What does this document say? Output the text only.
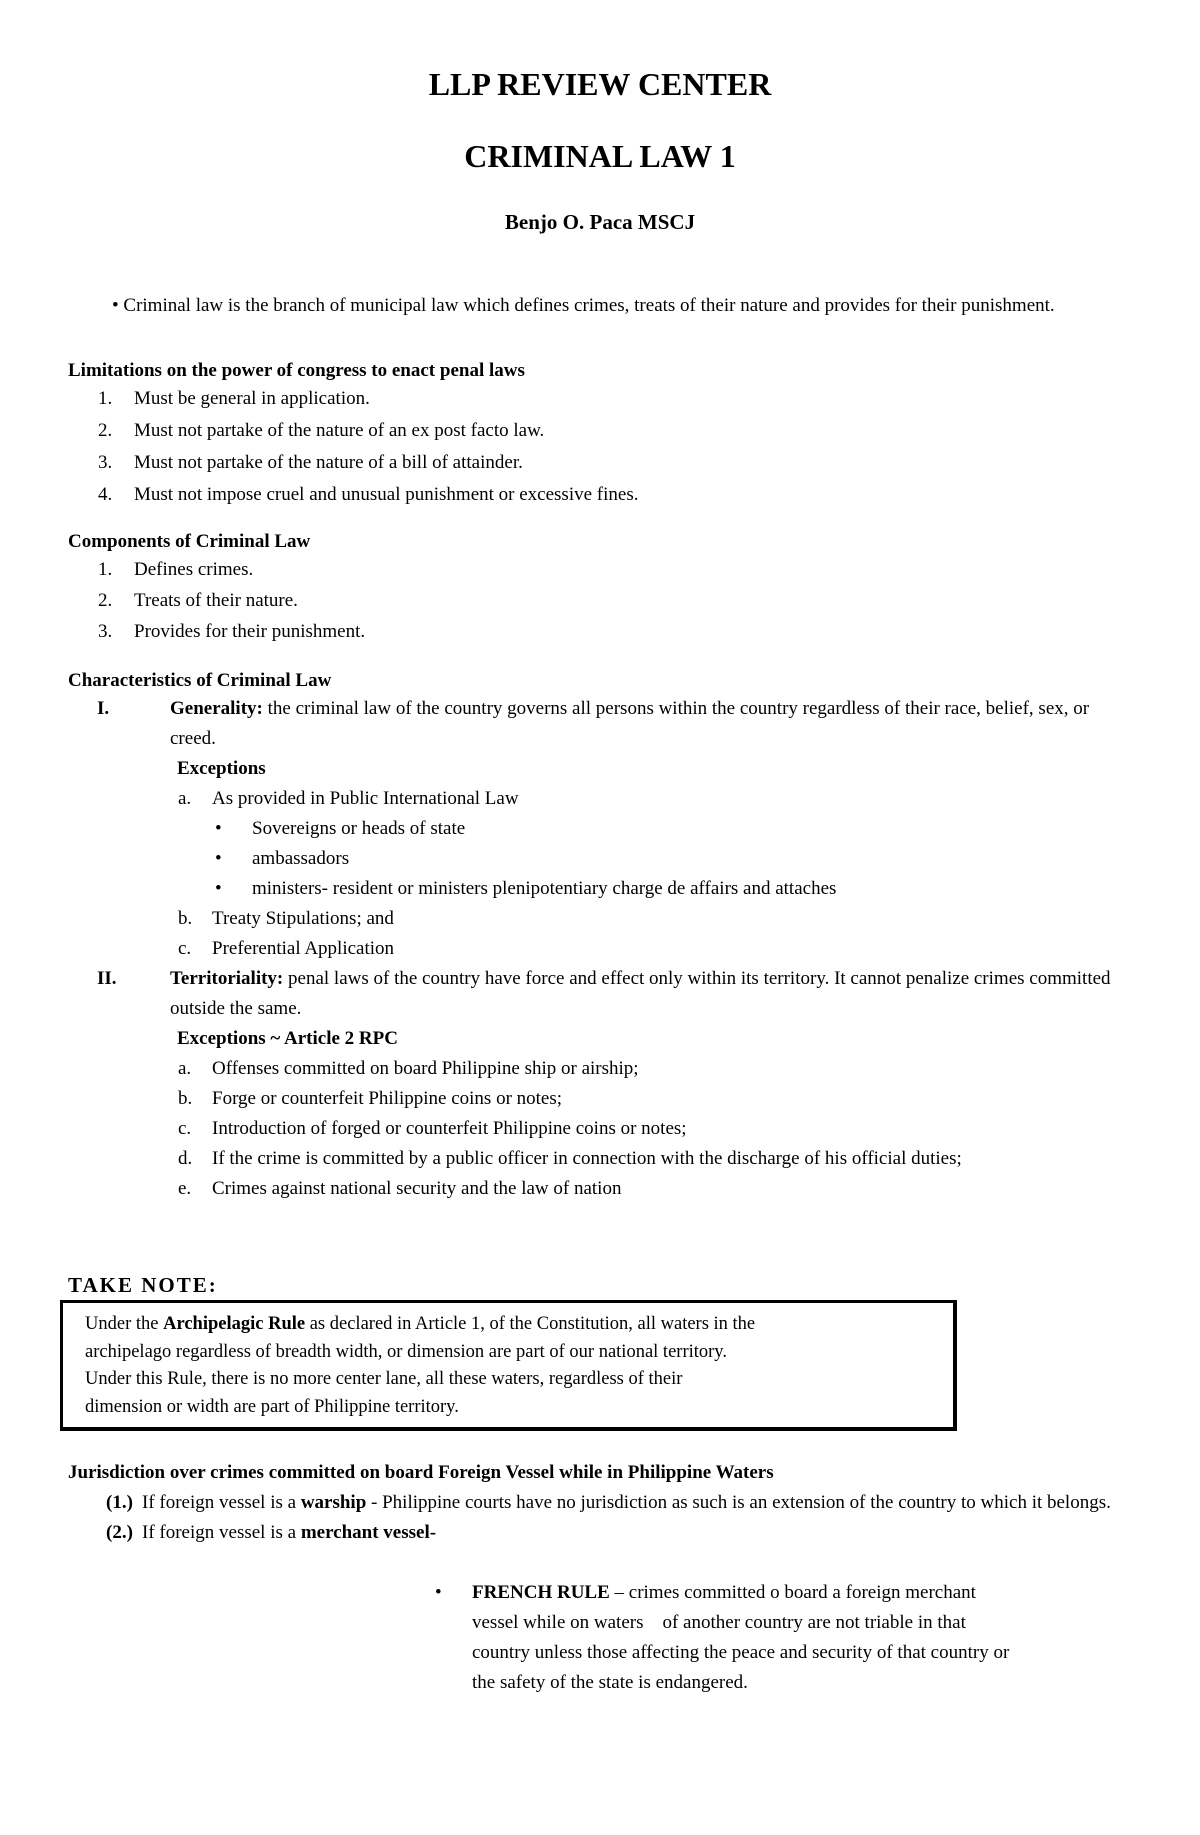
LLP REVIEW CENTER
CRIMINAL LAW 1
Benjo O. Paca MSCJ

• Criminal law is the branch of municipal law which defines crimes, treats of their nature and provides for their punishment.

Limitations on the power of congress to enact penal laws
1. Must be general in application.
2. Must not partake of the nature of an ex post facto law.
3. Must not partake of the nature of a bill of attainder.
4. Must not impose cruel and unusual punishment or excessive fines.
Components of Criminal Law
1. Defines crimes.
2. Treats of their nature.
3. Provides for their punishment.
Characteristics of Criminal Law
I.	Generality: the criminal law of the country governs all persons within the country regardless of their race, belief, sex, or creed.
Exceptions
a. As provided in Public International Law
• Sovereigns or heads of state
• ambassadors
• ministers- resident or ministers plenipotentiary charge de affairs and attaches
b. Treaty Stipulations; and
c. Preferential Application
II.	Territoriality: penal laws of the country have force and effect only within its territory. It cannot penalize crimes committed outside the same.
Exceptions ~ Article 2 RPC
a. Offenses committed on board Philippine ship or airship;
b. Forge or counterfeit Philippine coins or notes;
c. Introduction of forged or counterfeit Philippine coins or notes;
d. If the crime is committed by a public officer in connection with the discharge of his official duties;
e. Crimes against national security and the law of nation
TAKE NOTE:
Under the Archipelagic Rule as declared in Article 1, of the Constitution, all waters in the
archipelago regardless of breadth width, or dimension are part of our national territory.
Under this Rule, there is no more center lane, all these waters, regardless of their
dimension or width are part of Philippine territory.
Jurisdiction over crimes committed on board Foreign Vessel while in Philippine Waters
(1.) If foreign vessel is a warship - Philippine courts have no jurisdiction as such is an extension of the country to which it belongs.
(2.) If foreign vessel is a merchant vessel-
• FRENCH RULE – crimes committed o board a foreign merchant
vessel while on waters    of another country are not triable in that
country unless those affecting the peace and security of that country or
the safety of the state is endangered.
